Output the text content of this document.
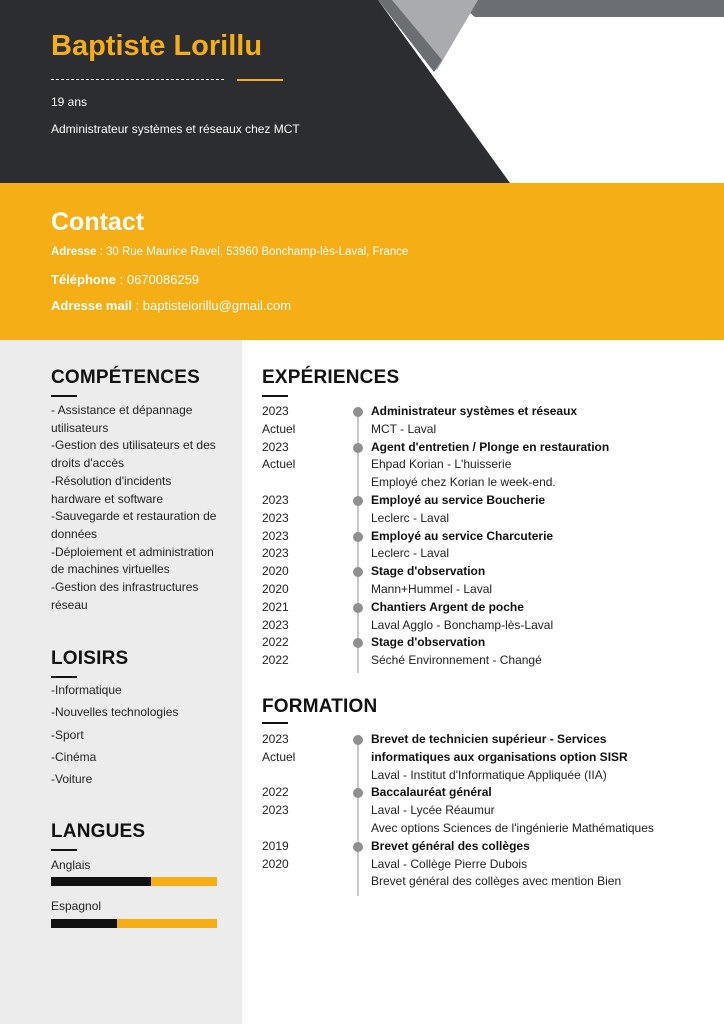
Baptiste Lorillu
19 ans
Administrateur systèmes et réseaux chez MCT
Contact
Adresse : 30 Rue Maurice Ravel, 53960 Bonchamp-lès-Laval, France
Téléphone : 0670086259
Adresse mail : baptistelorillu@gmail.com
COMPÉTENCES
- Assistance et dépannage
utilisateurs
-Gestion des utilisateurs et des
droits d'accès
-Résolution d'incidents
hardware et software
-Sauvegarde et restauration de
données
-Déploiement et administration
de machines virtuelles
-Gestion des infrastructures
réseau
LOISIRS
-Informatique
-Nouvelles technologies
-Sport
-Cinéma
-Voiture
LANGUES
Anglais
Espagnol
EXPÉRIENCES
2023	Administrateur systèmes et réseaux
Actuel	MCT - Laval
2023	Agent d'entretien / Plonge en restauration
Actuel	Ehpad Korian - L'huisserie
Employé chez Korian le week-end.
2023	Employé au service Boucherie
2023	Leclerc - Laval
2023	Employé au service Charcuterie
2023	Leclerc - Laval
2020	Stage d'observation
2020	Mann+Hummel - Laval
2021	Chantiers Argent de poche
2023	Laval Agglo - Bonchamp-lès-Laval
2022	Stage d'observation
2022	Séché Environnement - Changé
FORMATION
2023	Brevet de technicien supérieur - Services
Actuel	informatiques aux organisations option SISR
Laval - Institut d'Informatique Appliquée (IIA)
2022	Baccalauréat général
2023	Laval - Lycée Réaumur
Avec options Sciences de l'ingénierie Mathématiques
2019	Brevet général des collèges
2020	Laval - Collège Pierre Dubois
Brevet général des collèges avec mention Bien
